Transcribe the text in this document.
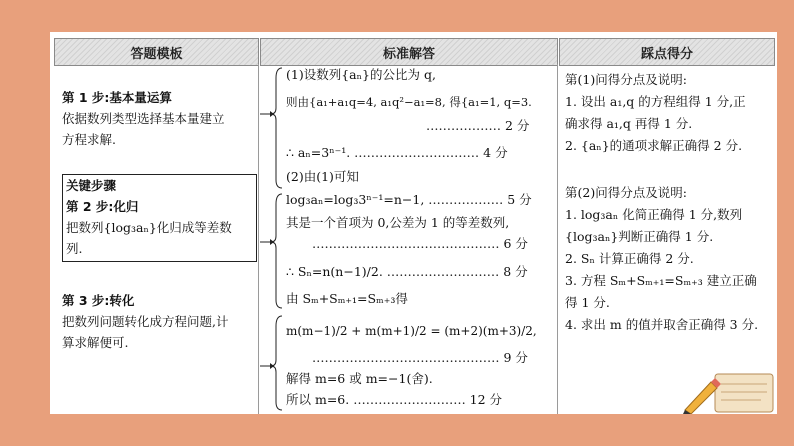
答题模板	标准解答	踩点得分
第 1 步:基本量运算
依据数列类型选择基本量建立
方程求解.
关键步骤
第 2 步:化归
把数列{log₃aₙ}化归成等差数
列.
第 3 步:转化
把数列问题转化成方程问题,计
算求解便可.
(1)设数列{aₙ}的公比为 q,
则由{a₁+a₁q=4, a₁q²−a₁=8, 得{a₁=1, q=3.
……………… 2 分
∴ aₙ=3ⁿ⁻¹. ………………………… 4 分
(2)由(1)可知
log₃aₙ=log₃3ⁿ⁻¹=n−1, ……………… 5 分
其是一个首项为 0,公差为 1 的等差数列,
……………………………………… 6 分
∴ Sₙ=n(n−1)/2. ……………………… 8 分
由 Sₘ+Sₘ₊₁=Sₘ₊₃得
m(m−1)/2 + m(m+1)/2 = (m+2)(m+3)/2,
……………………………………… 9 分
解得 m=6 或 m=−1(舍).
所以 m=6. ……………………… 12 分
第(1)问得分点及说明:
1. 设出 a₁,q 的方程组得 1 分,正
确求得 a₁,q 再得 1 分.
2. {aₙ}的通项求解正确得 2 分.
第(2)问得分点及说明:
1. log₃aₙ 化简正确得 1 分,数列
{log₃aₙ}判断正确得 1 分.
2. Sₙ 计算正确得 2 分.
3. 方程 Sₘ+Sₘ₊₁=Sₘ₊₃ 建立正确
得 1 分.
4. 求出 m 的值并取舍正确得 3 分.
